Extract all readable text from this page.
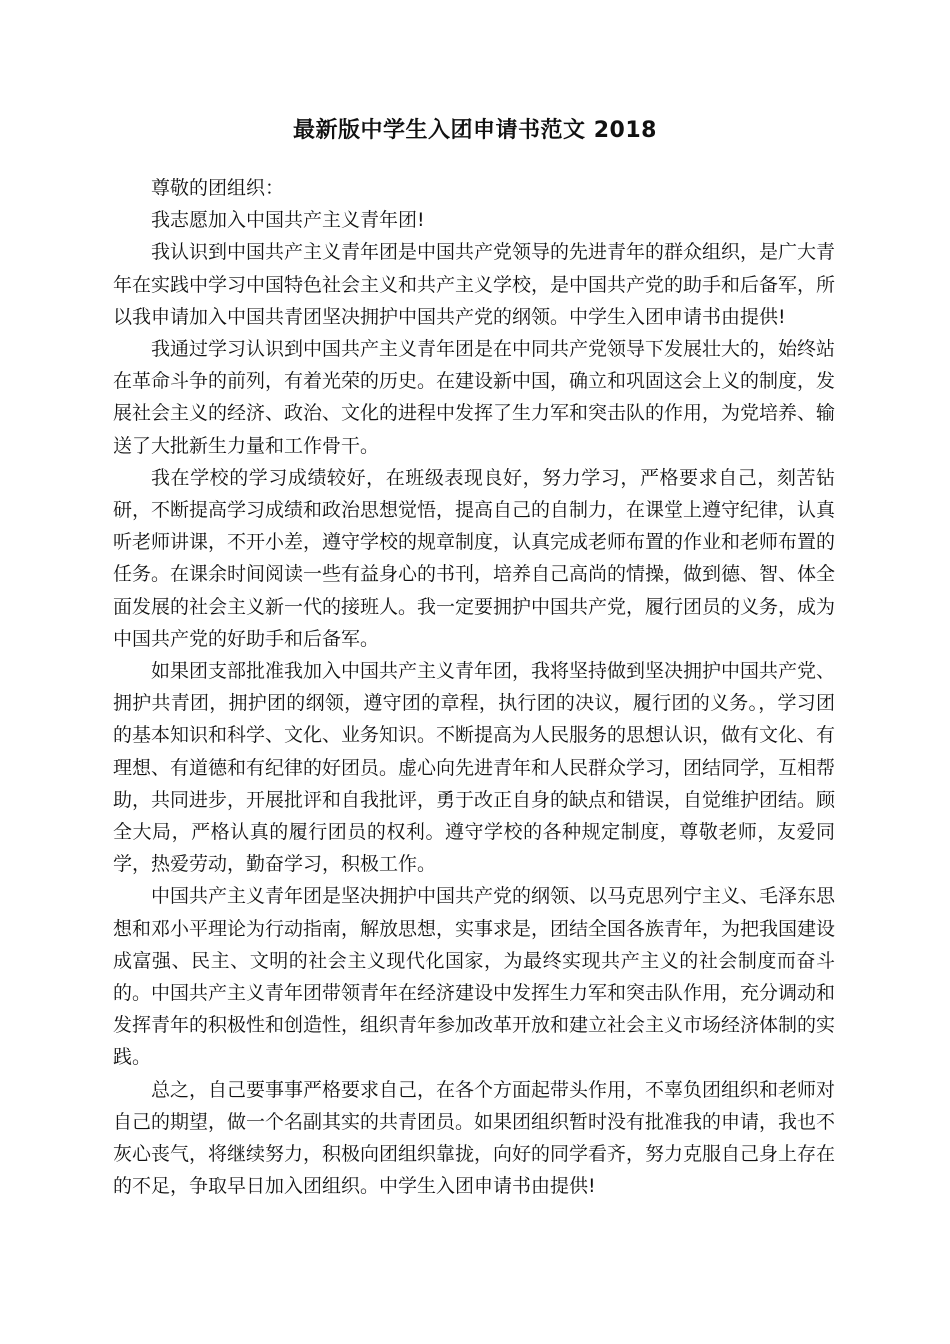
最新版中学生入团申请书范文 2018

尊敬的团组织：

我志愿加入中国共产主义青年团!

我认识到中国共产主义青年团是中国共产党领导的先进青年的群众组织，是广大青年在实践中学习中国特色社会主义和共产主义学校，是中国共产党的助手和后备军，所以我申请加入中国共青团坚决拥护中国共产党的纲领。中学生入团申请书由提供!

我通过学习认识到中国共产主义青年团是在中同共产党领导下发展壮大的，始终站在革命斗争的前列，有着光荣的历史。在建设新中国，确立和巩固这会上义的制度，发展社会主义的经济、政治、文化的进程中发挥了生力军和突击队的作用，为党培养、输送了大批新生力量和工作骨干。

我在学校的学习成绩较好，在班级表现良好，努力学习，严格要求自己，刻苦钻研，不断提高学习成绩和政治思想觉悟，提高自己的自制力，在课堂上遵守纪律，认真听老师讲课，不开小差，遵守学校的规章制度，认真完成老师布置的作业和老师布置的任务。在课余时间阅读一些有益身心的书刊，培养自己高尚的情操，做到德、智、体全面发展的社会主义新一代的接班人。我一定要拥护中国共产党，履行团员的义务，成为中国共产党的好助手和后备军。

如果团支部批准我加入中国共产主义青年团，我将坚持做到坚决拥护中国共产党、拥护共青团，拥护团的纲领，遵守团的章程，执行团的决议，履行团的义务。，学习团的基本知识和科学、文化、业务知识。不断提高为人民服务的思想认识，做有文化、有理想、有道德和有纪律的好团员。虚心向先进青年和人民群众学习，团结同学，互相帮助，共同进步，开展批评和自我批评，勇于改正自身的缺点和错误，自觉维护团结。顾全大局，严格认真的履行团员的权利。遵守学校的各种规定制度，尊敬老师，友爱同学，热爱劳动，勤奋学习，积极工作。

中国共产主义青年团是坚决拥护中国共产党的纲领、以马克思列宁主义、毛泽东思想和邓小平理论为行动指南，解放思想，实事求是，团结全国各族青年，为把我国建设成富强、民主、文明的社会主义现代化国家，为最终实现共产主义的社会制度而奋斗的。中国共产主义青年团带领青年在经济建设中发挥生力军和突击队作用，充分调动和发挥青年的积极性和创造性，组织青年参加改革开放和建立社会主义市场经济体制的实践。

总之，自己要事事严格要求自己，在各个方面起带头作用，不辜负团组织和老师对自己的期望，做一个名副其实的共青团员。如果团组织暂时没有批准我的申请，我也不灰心丧气，将继续努力，积极向团组织靠拢，向好的同学看齐，努力克服自己身上存在的不足，争取早日加入团组织。中学生入团申请书由提供!
